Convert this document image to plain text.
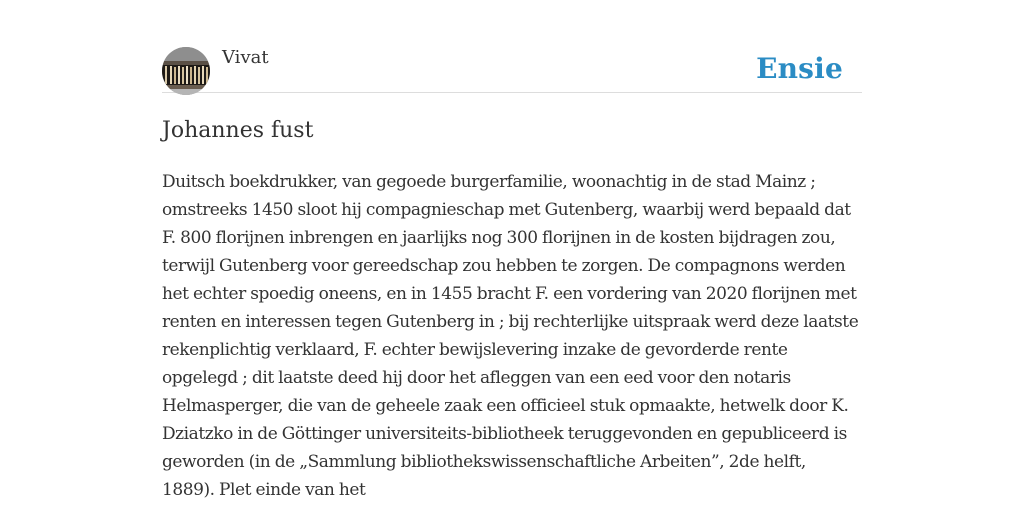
Vivat	Ensie
Johannes fust

Duitsch boekdrukker, van gegoede burgerfamilie, woonachtig in de stad Mainz ; omstreeks 1450 sloot hij compagnieschap met Gutenberg, waarbij werd bepaald dat F. 800 florijnen inbrengen en jaarlijks nog 300 florijnen in de kosten bijdragen zou, terwijl Gutenberg voor gereedschap zou hebben te zorgen. De compagnons werden het echter spoedig oneens, en in 1455 bracht F. een vordering van 2020 florijnen met renten en interessen tegen Gutenberg in ; bij rechterlijke uitspraak werd deze laatste rekenplichtig verklaard, F. echter bewijslevering inzake de gevorderde rente opgelegd ; dit laatste deed hij door het afleggen van een eed voor den notaris Helmasperger, die van de geheele zaak een officieel stuk opmaakte, hetwelk door K. Dziatzko in de Göttinger universiteits-bibliotheek teruggevonden en gepubliceerd is geworden (in de „Sammlung bibliothekswissenschaftliche Arbeiten”, 2de helft, 1889). Plet einde van het
